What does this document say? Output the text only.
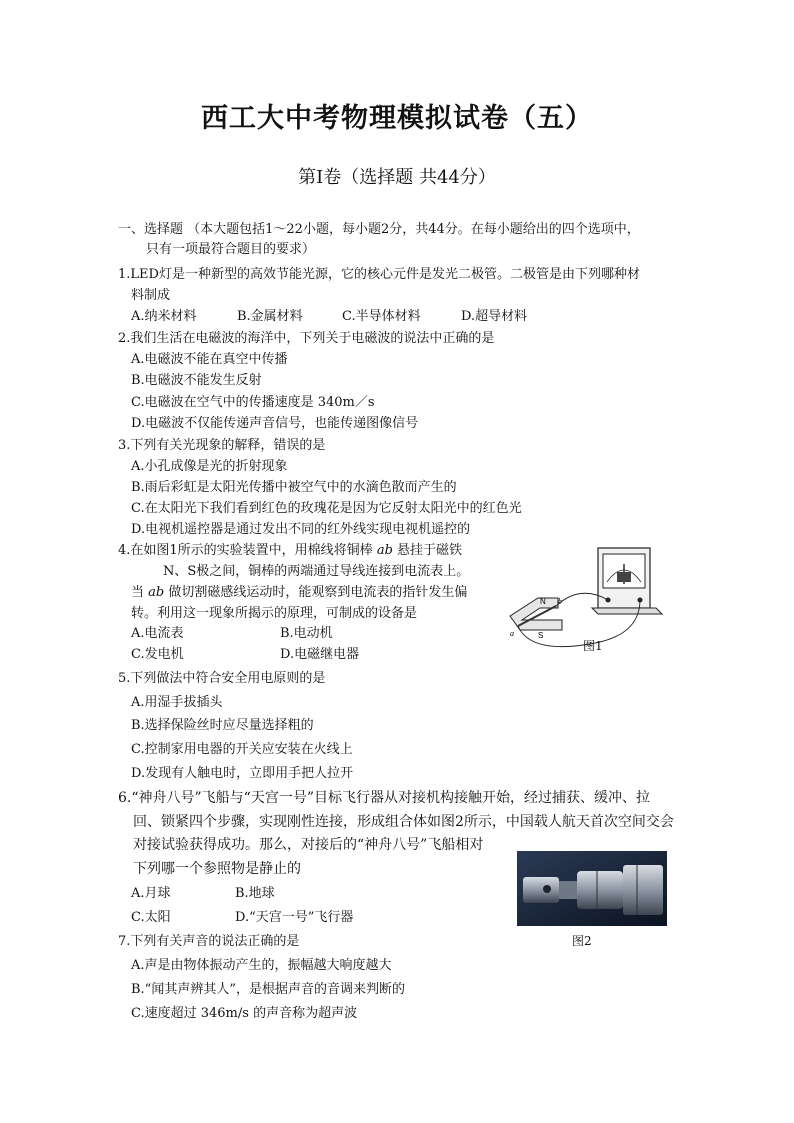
西工大中考物理模拟试卷（五）
第Ⅰ卷（选择题 共44分）
一、选择题 （本大题包括1～22小题，每小题2分，共44分。在每小题给出的四个选项中，
只有一项最符合题目的要求）
1.LED灯是一种新型的高效节能光源，它的核心元件是发光二极管。二极管是由下列哪种材
料制成
A.纳米材料	B.金属材料	C.半导体材料	D.超导材料
2.我们生活在电磁波的海洋中，下列关于电磁波的说法中正确的是
A.电磁波不能在真空中传播
B.电磁波不能发生反射
C.电磁波在空气中的传播速度是 340m／s
D.电磁波不仅能传递声音信号，也能传递图像信号
3.下列有关光现象的解释，错误的是
A.小孔成像是光的折射现象
B.雨后彩虹是太阳光传播中被空气中的水滴色散而产生的
C.在太阳光下我们看到红色的玫瑰花是因为它反射太阳光中的红色光
D.电视机遥控器是通过发出不同的红外线实现电视机遥控的
4.在如图1所示的实验装置中，用棉线将铜棒 ab 悬挂于磁铁
N、S极之间，铜棒的两端通过导线连接到电流表上。
当 ab 做切割磁感线运动时，能观察到电流表的指针发生偏
转。利用这一现象所揭示的原理，可制成的设备是
A.电流表	B.电动机
C.发电机	D.电磁继电器
N
S
a
b
图1
5.下列做法中符合安全用电原则的是
A.用湿手拔插头
B.选择保险丝时应尽量选择粗的
C.控制家用电器的开关应安装在火线上
D.发现有人触电时，立即用手把人拉开
6.“神舟八号”飞船与“天宫一号”目标飞行器从对接机构接触开始，经过捕获、缓冲、拉
回、锁紧四个步骤，实现刚性连接，形成组合体如图2所示，中国载人航天首次空间交会
对接试验获得成功。那么，对接后的“神舟八号”飞船相对
下列哪一个参照物是静止的
A.月球	B.地球
C.太阳	D.“天宫一号”飞行器
图2
7.下列有关声音的说法正确的是
A.声是由物体振动产生的，振幅越大响度越大
B.“闻其声辨其人”，是根据声音的音调来判断的
C.速度超过 346m/s 的声音称为超声波
